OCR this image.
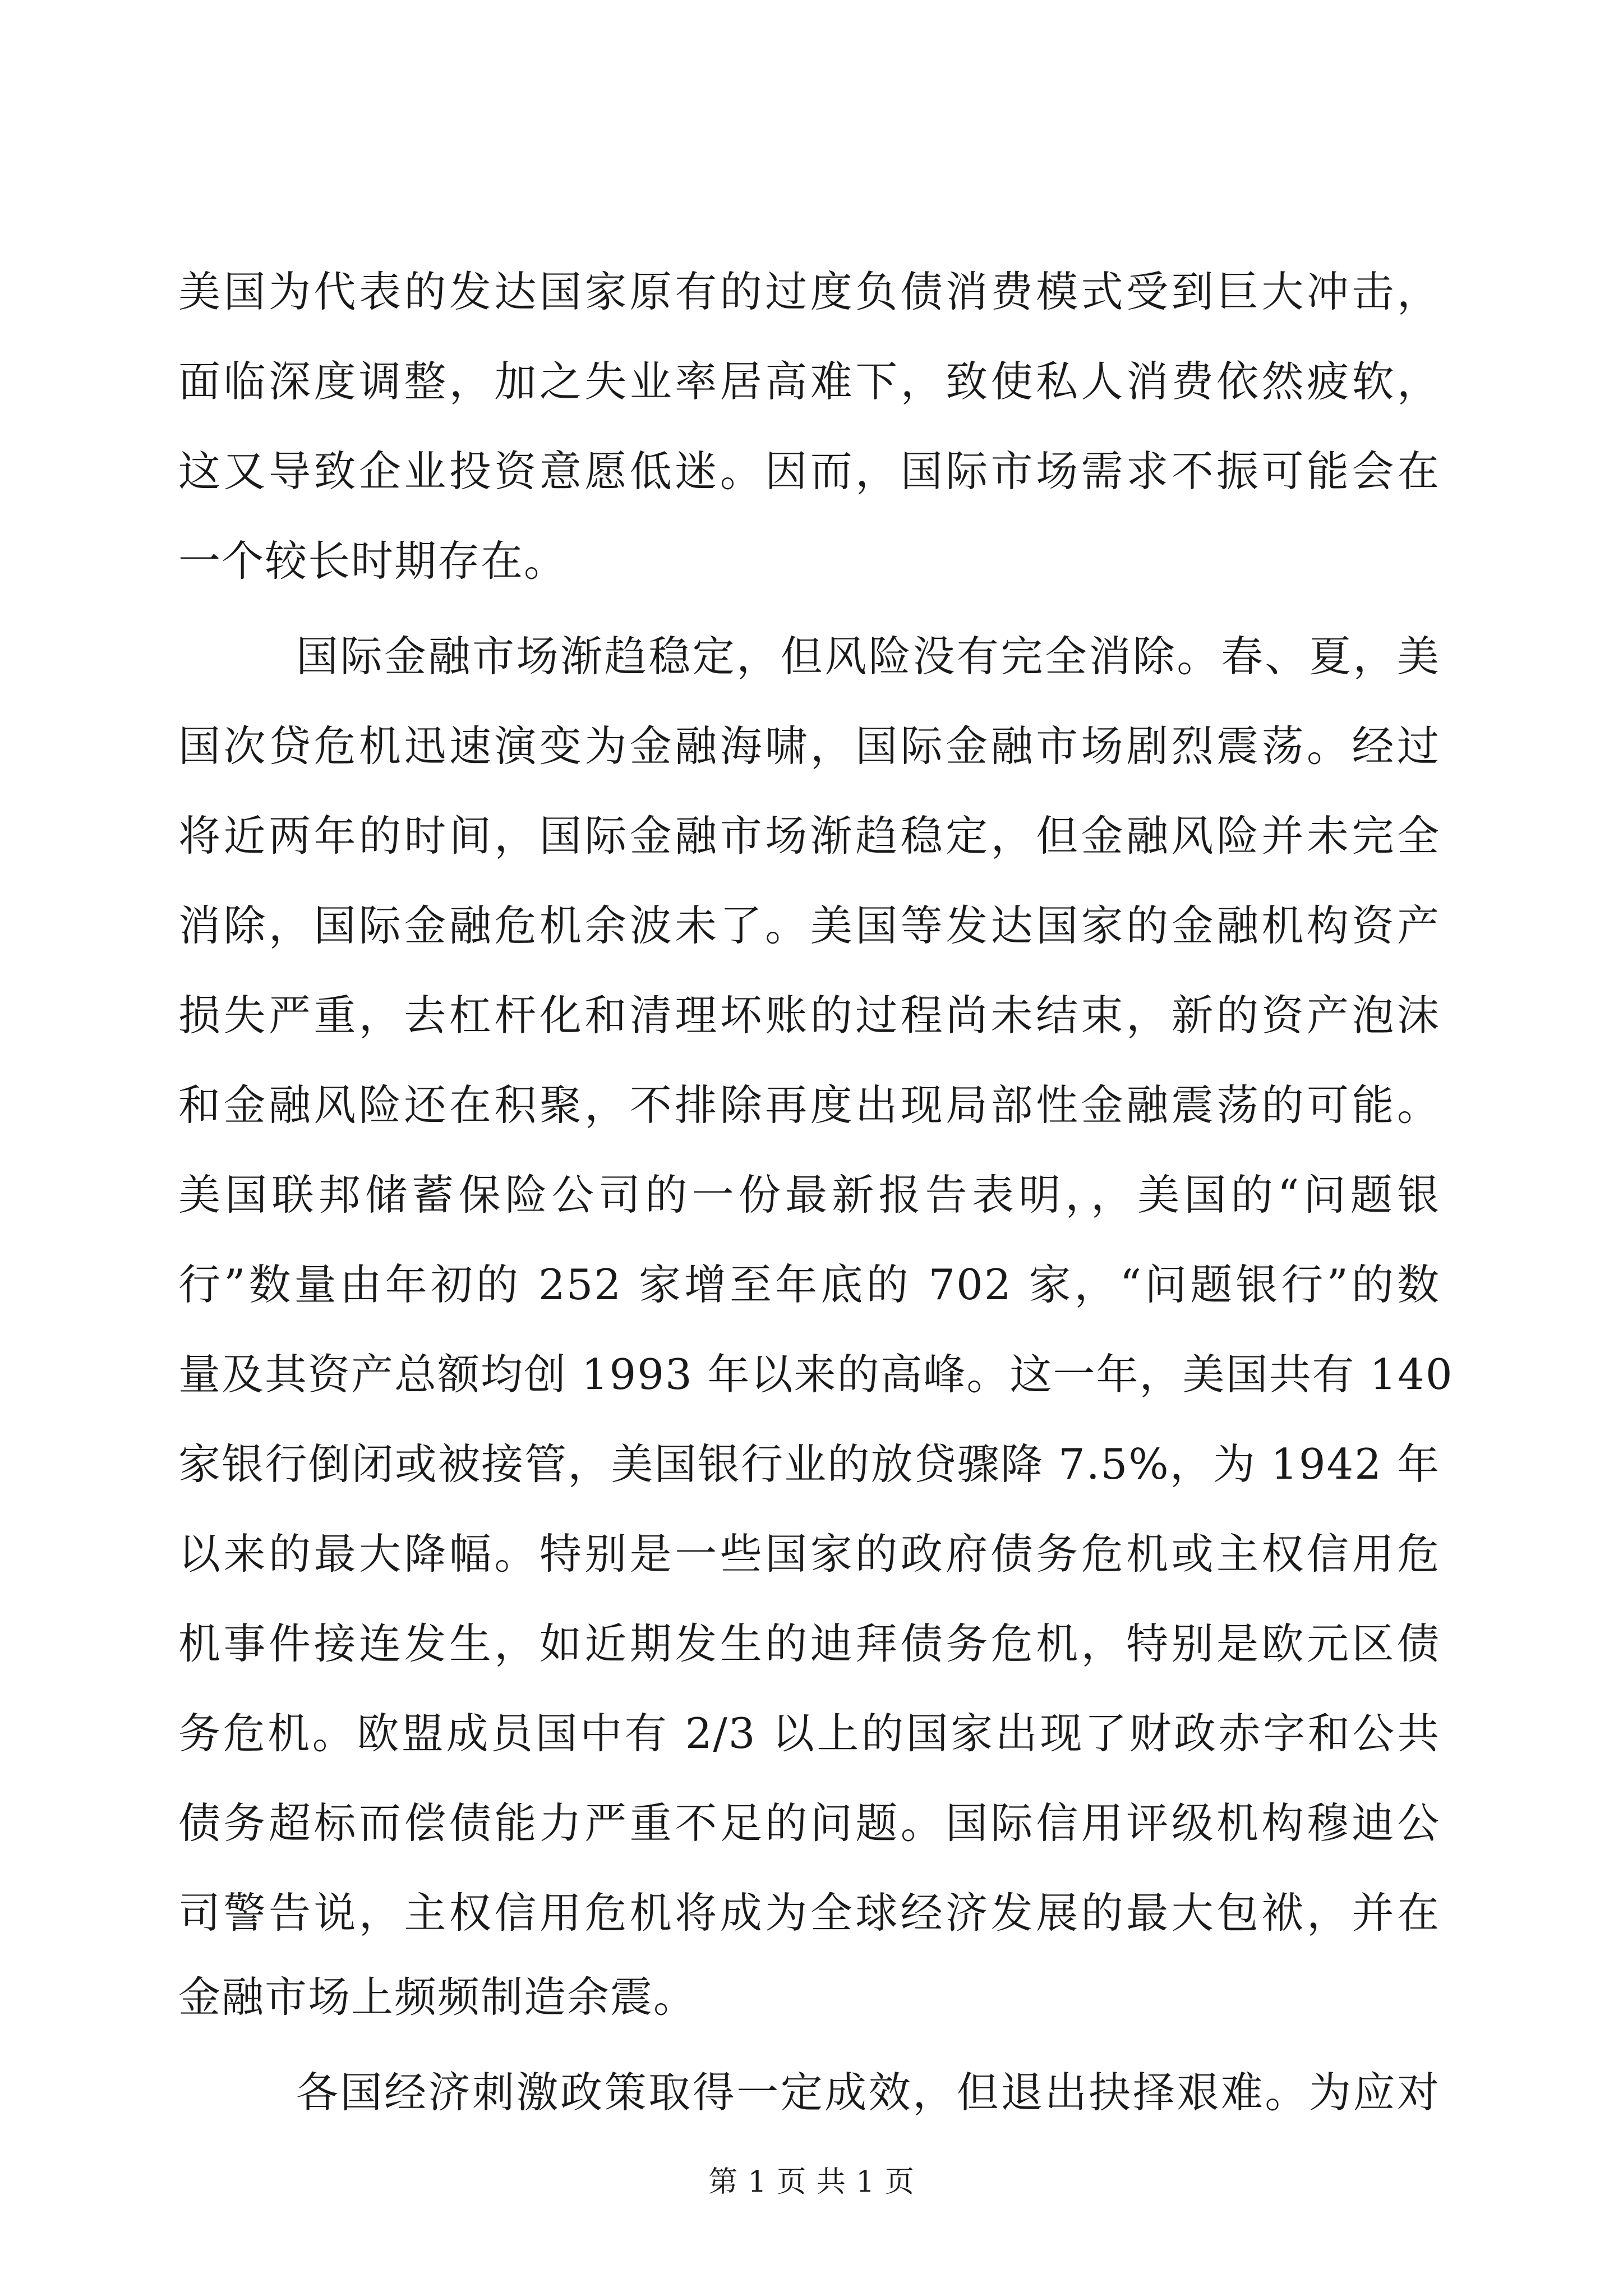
美国为代表的发达国家原有的过度负债消费模式受到巨大冲击，
面临深度调整，加之失业率居高难下，致使私人消费依然疲软，
这又导致企业投资意愿低迷。因而，国际市场需求不振可能会在
一个较长时期存在。
国际金融市场渐趋稳定，但风险没有完全消除。春、夏，美
国次贷危机迅速演变为金融海啸，国际金融市场剧烈震荡。经过
将近两年的时间，国际金融市场渐趋稳定，但金融风险并未完全
消除，国际金融危机余波未了。美国等发达国家的金融机构资产
损失严重，去杠杆化和清理坏账的过程尚未结束，新的资产泡沫
和金融风险还在积聚，不排除再度出现局部性金融震荡的可能。
美国联邦储蓄保险公司的一份最新报告表明，，美国的“问题银
行”数量由年初的 252 家增至年底的 702 家，“问题银行”的数
量及其资产总额均创 1993 年以来的高峰。这一年，美国共有 140
家银行倒闭或被接管，美国银行业的放贷骤降 7.5%，为 1942 年
以来的最大降幅。特别是一些国家的政府债务危机或主权信用危
机事件接连发生，如近期发生的迪拜债务危机，特别是欧元区债
务危机。欧盟成员国中有 2/3 以上的国家出现了财政赤字和公共
债务超标而偿债能力严重不足的问题。国际信用评级机构穆迪公
司警告说，主权信用危机将成为全球经济发展的最大包袱，并在
金融市场上频频制造余震。
各国经济刺激政策取得一定成效，但退出抉择艰难。为应对
第 1 页 共 1 页
